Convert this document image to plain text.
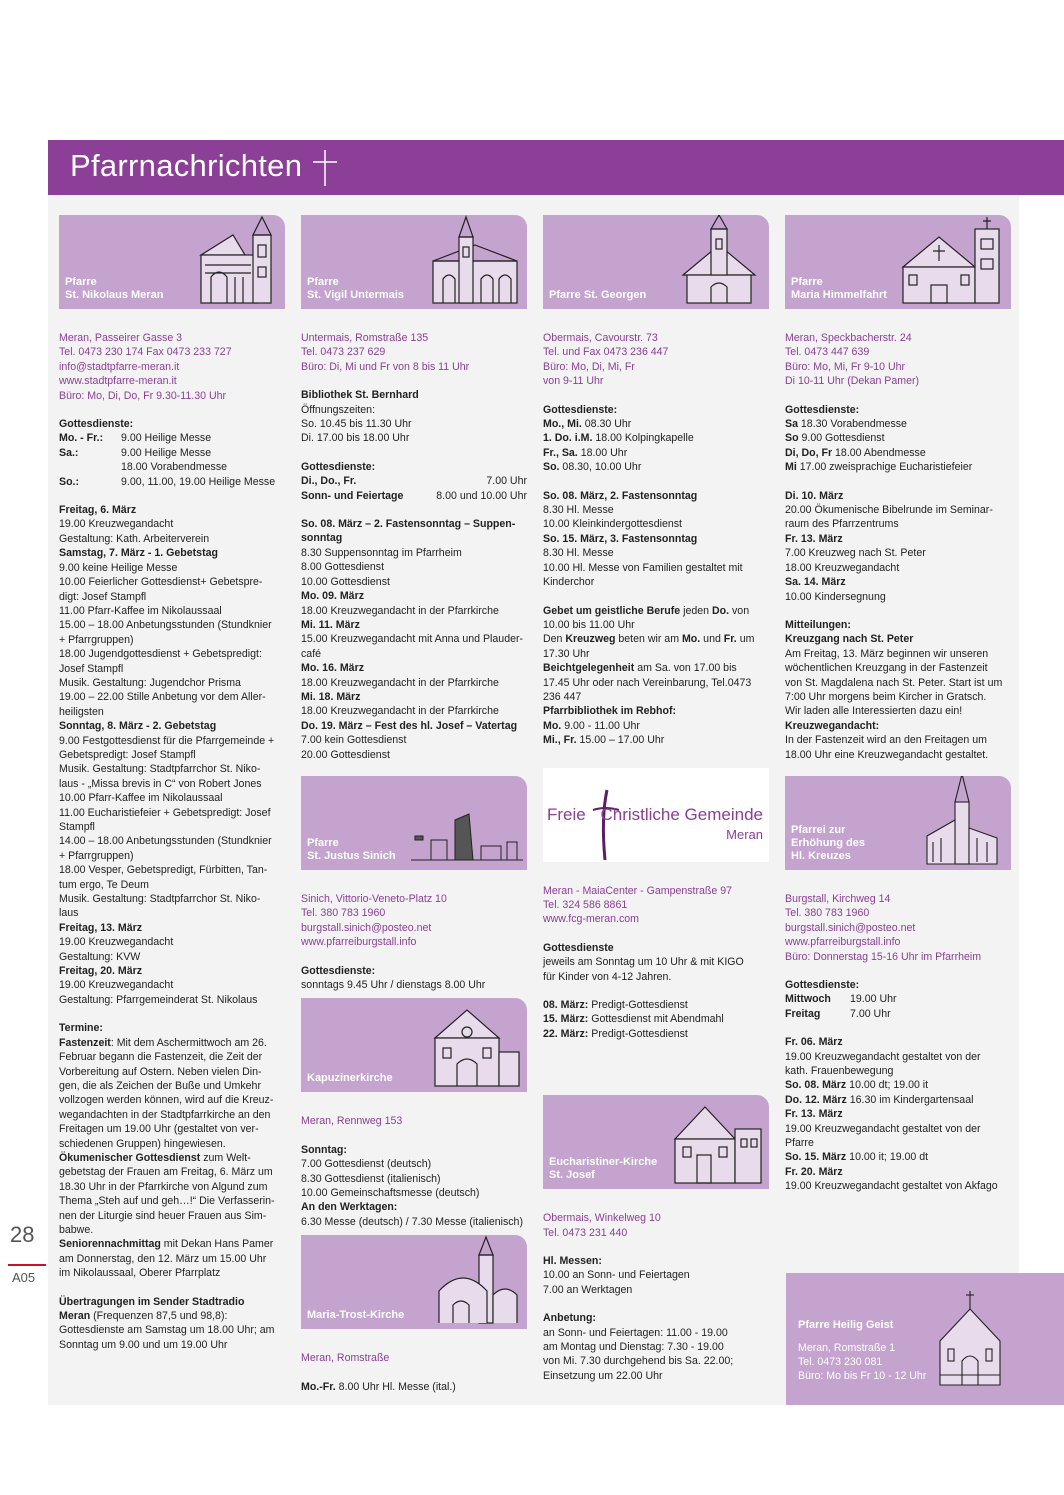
Pfarrnachrichten
28
A05
Pfarre
St. Nikolaus Meran

Meran, Passeirer Gasse 3

Tel. 0473 230 174 Fax 0473 233 727

info@stadtpfarre-meran.it

www.stadtpfarre-meran.it

Büro: Mo, Di, Do, Fr 9.30-11.30 Uhr

Gottesdienste:

Mo. - Fr.:	9.00 Heilige Messe
Sa.:	9.00 Heilige Messe
18.00 Vorabendmesse
So.:	9.00, 11.00, 19.00 Heilige Messe

Freitag, 6. März

19.00 Kreuzwegandacht

Gestaltung: Kath. Arbeiterverein

Samstag, 7. März - 1. Gebetstag

9.00 keine Heilige Messe

10.00 Feierlicher Gottesdienst+ Gebetspre-

digt: Josef Stampfl

11.00 Pfarr-Kaffee im Nikolaussaal

15.00 – 18.00 Anbetungsstunden (Stundknier

+ Pfarrgruppen)

18.00 Jugendgottesdienst + Gebetspredigt:

Josef Stampfl

Musik. Gestaltung: Jugendchor Prisma

19.00 – 22.00 Stille Anbetung vor dem Aller-

heiligsten

Sonntag, 8. März - 2. Gebetstag

9.00 Festgottesdienst für die Pfarrgemeinde +

Gebetspredigt: Josef Stampfl

Musik. Gestaltung: Stadtpfarrchor St. Niko-

laus - „Missa brevis in C“ von Robert Jones

10.00 Pfarr-Kaffee im Nikolaussaal

11.00 Eucharistiefeier + Gebetspredigt: Josef

Stampfl

14.00 – 18.00 Anbetungsstunden (Stundknier

+ Pfarrgruppen)

18.00 Vesper, Gebetspredigt, Fürbitten, Tan-

tum ergo, Te Deum

Musik. Gestaltung: Stadtpfarrchor St. Niko-

laus

Freitag, 13. März

19.00 Kreuzwegandacht

Gestaltung: KVW

Freitag, 20. März

19.00 Kreuzwegandacht

Gestaltung: Pfarrgemeinderat St. Nikolaus

Termine:

Fastenzeit: Mit dem Aschermittwoch am 26.

Februar begann die Fastenzeit, die Zeit der

Vorbereitung auf Ostern. Neben vielen Din-

gen, die als Zeichen der Buße und Umkehr

vollzogen werden können, wird auf die Kreuz-

wegandachten in der Stadtpfarrkirche an den

Freitagen um 19.00 Uhr (gestaltet von ver-

schiedenen Gruppen) hingewiesen.

Ökumenischer Gottesdienst zum Welt-

gebetstag der Frauen am Freitag, 6. März um

18.30 Uhr in der Pfarrkirche von Algund zum

Thema „Steh auf und geh…!“ Die Verfasserin-

nen der Liturgie sind heuer Frauen aus Sim-

babwe.

Seniorennachmittag mit Dekan Hans Pamer

am Donnerstag, den 12. März um 15.00 Uhr

im Nikolaussaal, Oberer Pfarrplatz

Übertragungen im Sender Stadtradio

Meran (Frequenzen 87,5 und 98,8):

Gottesdienste am Samstag um 18.00 Uhr; am

Sonntag um 9.00 und um 19.00 Uhr

Pfarre
St. Vigil Untermais

Untermais, Romstraße 135

Tel. 0473 237 629

Büro: Di, Mi und Fr von 8 bis 11 Uhr

Bibliothek St. Bernhard

Öffnungszeiten:

So. 10.45 bis 11.30 Uhr

Di. 17.00 bis 18.00 Uhr

Gottesdienste:

Di., Do., Fr.	7.00 Uhr
Sonn- und Feiertage	8.00 und 10.00 Uhr

So. 08. März – 2. Fastensonntag – Suppen-

sonntag

8.30 Suppensonntag im Pfarrheim

8.00 Gottesdienst

10.00 Gottesdienst

Mo. 09. März

18.00 Kreuzwegandacht in der Pfarrkirche

Mi. 11. März

15.00 Kreuzwegandacht mit Anna und Plauder-

café

Mo. 16. März

18.00 Kreuzwegandacht in der Pfarrkirche

Mi. 18. März

18.00 Kreuzwegandacht in der Pfarrkirche

Do. 19. März – Fest des hl. Josef – Vatertag

7.00 kein Gottesdienst

20.00 Gottesdienst

Pfarre
St. Justus Sinich

Sinich, Vittorio-Veneto-Platz 10

Tel. 380 783 1960

burgstall.sinich@posteo.net

www.pfarreiburgstall.info

Gottesdienste:

sonntags 9.45 Uhr / dienstags 8.00 Uhr

Kapuzinerkirche

Meran, Rennweg 153

Sonntag:

7.00 Gottesdienst (deutsch)

8.30 Gottesdienst (italienisch)

10.00 Gemeinschaftsmesse (deutsch)

An den Werktagen:

6.30 Messe (deutsch) / 7.30 Messe (italienisch)

Maria-Trost-Kirche

Meran, Romstraße

Mo.-Fr. 8.00 Uhr Hl. Messe (ital.)

Pfarre St. Georgen

Obermais, Cavourstr. 73

Tel. und Fax 0473 236 447

Büro: Mo, Di, Mi, Fr

von 9-11 Uhr

Gottesdienste:

Mo., Mi. 08.30 Uhr

1. Do. i.M. 18.00 Kolpingkapelle

Fr., Sa. 18.00 Uhr

So. 08.30, 10.00 Uhr

So. 08. März, 2. Fastensonntag

8.30 Hl. Messe

10.00 Kleinkindergottesdienst

So. 15. März, 3. Fastensonntag

8.30 Hl. Messe

10.00 Hl. Messe von Familien gestaltet mit

Kinderchor

Gebet um geistliche Berufe jeden Do. von

10.00 bis 11.00 Uhr

Den Kreuzweg beten wir am Mo. und Fr. um

17.30 Uhr

Beichtgelegenheit am Sa. von 17.00 bis

17.45 Uhr oder nach Vereinbarung, Tel.0473

236 447

Pfarrbibliothek im Rebhof:

Mo. 9.00 - 11.00 Uhr

Mi., Fr. 15.00 – 17.00 Uhr

Freie Christliche Gemeinde
Meran

Meran - MaiaCenter - Gampenstraße 97

Tel. 324 586 8861

www.fcg-meran.com

Gottesdienste

jeweils am Sonntag um 10 Uhr & mit KIGO

für Kinder von 4-12 Jahren.

08. März: Predigt-Gottesdienst

15. März: Gottesdienst mit Abendmahl

22. März: Predigt-Gottesdienst

Eucharistiner-Kirche
St. Josef

Obermais, Winkelweg 10

Tel. 0473 231 440

Hl. Messen:

10.00 an Sonn- und Feiertagen

7.00 an Werktagen

Anbetung:

an Sonn- und Feiertagen: 11.00 - 19.00

am Montag und Dienstag: 7.30 - 19.00

von Mi. 7.30 durchgehend bis Sa. 22.00;

Einsetzung um 22.00 Uhr

Pfarre
Maria Himmelfahrt

Meran, Speckbacherstr. 24

Tel. 0473 447 639

Büro: Mo, Mi, Fr 9-10 Uhr

Di 10-11 Uhr (Dekan Pamer)

Gottesdienste:

Sa 18.30 Vorabendmesse

So 9.00 Gottesdienst

Di, Do, Fr 18.00 Abendmesse

Mi 17.00 zweisprachige Eucharistiefeier

Di. 10. März

20.00 Ökumenische Bibelrunde im Seminar-

raum des Pfarrzentrums

Fr. 13. März

7.00 Kreuzweg nach St. Peter

18.00 Kreuzwegandacht

Sa. 14. März

10.00 Kindersegnung

Mitteilungen:

Kreuzgang nach St. Peter

Am Freitag, 13. März beginnen wir unseren

wöchentlichen Kreuzgang in der Fastenzeit

von St. Magdalena nach St. Peter. Start ist um

7:00 Uhr morgens beim Kircher in Gratsch.

Wir laden alle Interessierten dazu ein!

Kreuzwegandacht:

In der Fastenzeit wird an den Freitagen um

18.00 Uhr eine Kreuzwegandacht gestaltet.

Pfarrei zur
Erhöhung des
Hl. Kreuzes

Burgstall, Kirchweg 14

Tel. 380 783 1960

burgstall.sinich@posteo.net

www.pfarreiburgstall.info

Büro: Donnerstag 15-16 Uhr im Pfarrheim

Gottesdienste:

Mittwoch	19.00 Uhr
Freitag	7.00 Uhr

Fr. 06. März

19.00 Kreuzwegandacht gestaltet von der

kath. Frauenbewegung

So. 08. März 10.00 dt; 19.00 it

Do. 12. März 16.30 im Kindergartensaal

Fr. 13. März

19.00 Kreuzwegandacht gestaltet von der

Pfarre

So. 15. März 10.00 it; 19.00 dt

Fr. 20. März

19.00 Kreuzwegandacht gestaltet von Akfago

Pfarre Heilig Geist

Meran, Romstraße 1

Tel. 0473 230 081

Büro: Mo bis Fr 10 - 12 Uhr
